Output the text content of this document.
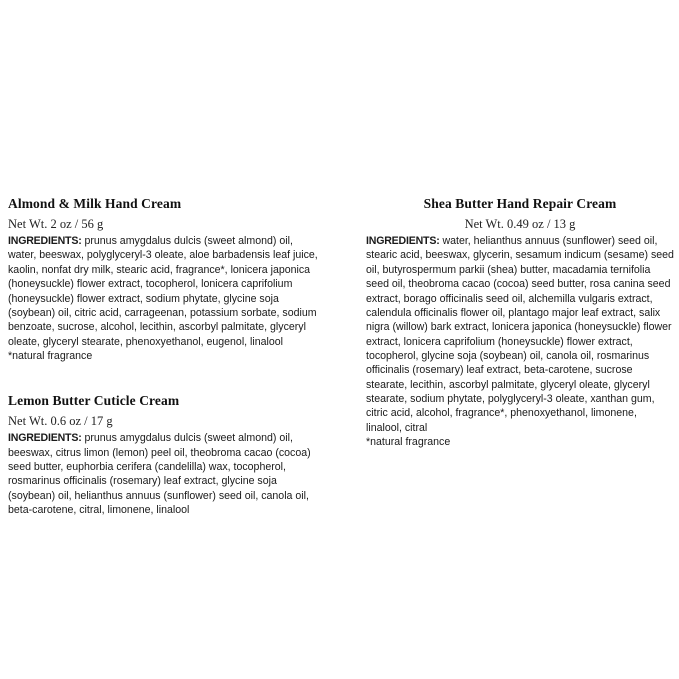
Almond & Milk Hand Cream
Net Wt. 2 oz / 56 g

INGREDIENTS: prunus amygdalus dulcis (sweet almond) oil, water, beeswax, polyglyceryl-3 oleate, aloe barbadensis leaf juice, kaolin, nonfat dry milk, stearic acid, fragrance*, lonicera japonica (honeysuckle) flower extract, tocopherol, lonicera caprifolium (honeysuckle) flower extract, sodium phytate, glycine soja (soybean) oil, citric acid, carrageenan, potassium sorbate, sodium benzoate, sucrose, alcohol, lecithin, ascorbyl palmitate, glyceryl oleate, glyceryl stearate, phenoxyethanol, eugenol, linalool

*natural fragrance

Lemon Butter Cuticle Cream
Net Wt. 0.6 oz / 17 g

INGREDIENTS: prunus amygdalus dulcis (sweet almond) oil, beeswax, citrus limon (lemon) peel oil, theobroma cacao (cocoa) seed butter, euphorbia cerifera (candelilla) wax, tocopherol, rosmarinus officinalis (rosemary) leaf extract, glycine soja (soybean) oil, helianthus annuus (sunflower) seed oil, canola oil, beta-carotene, citral, limonene, linalool

Shea Butter Hand Repair Cream
Net Wt. 0.49 oz / 13 g

INGREDIENTS: water, helianthus annuus (sunflower) seed oil, stearic acid, beeswax, glycerin, sesamum indicum (sesame) seed oil, butyrospermum parkii (shea) butter, macadamia ternifolia seed oil, theobroma cacao (cocoa) seed butter, rosa canina seed extract, borago officinalis seed oil, alchemilla vulgaris extract, calendula officinalis flower oil, plantago major leaf extract, salix nigra (willow) bark extract, lonicera japonica (honeysuckle) flower extract, lonicera caprifolium (honeysuckle) flower extract, tocopherol, glycine soja (soybean) oil, canola oil, rosmarinus officinalis (rosemary) leaf extract, beta-carotene, sucrose stearate, lecithin, ascorbyl palmitate, glyceryl oleate, glyceryl stearate, sodium phytate, polyglyceryl-3 oleate, xanthan gum, citric acid, alcohol, fragrance*, phenoxyethanol, limonene, linalool, citral

*natural fragrance
